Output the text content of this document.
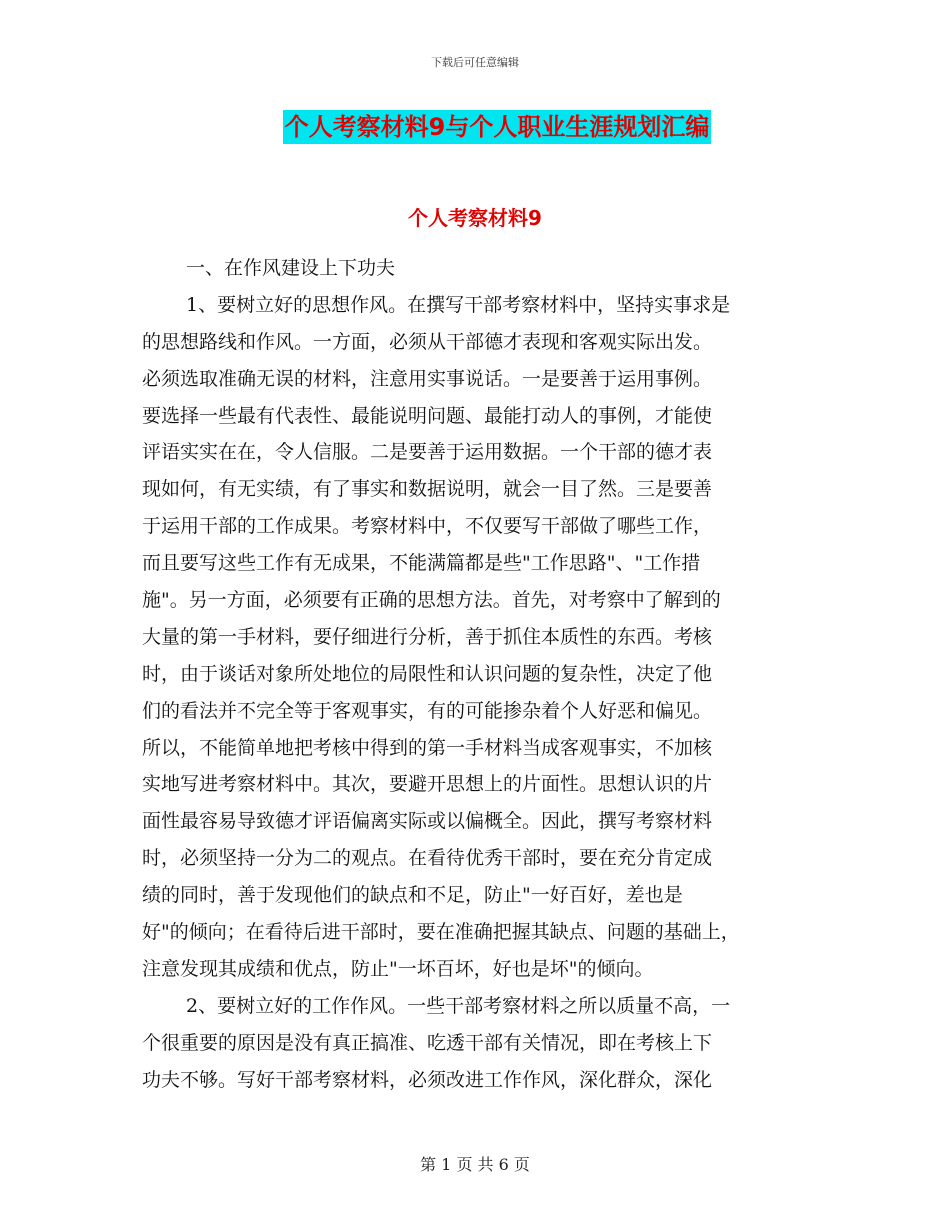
下载后可任意编辑
个人考察材料9与个人职业生涯规划汇编
个人考察材料9
一、在作风建设上下功夫
1、要树立好的思想作风。在撰写干部考察材料中，坚持实事求是
的思想路线和作风。一方面，必须从干部德才表现和客观实际出发。
必须选取准确无误的材料，注意用实事说话。一是要善于运用事例。
要选择一些最有代表性、最能说明问题、最能打动人的事例，才能使
评语实实在在，令人信服。二是要善于运用数据。一个干部的德才表
现如何，有无实绩，有了事实和数据说明，就会一目了然。三是要善
于运用干部的工作成果。考察材料中，不仅要写干部做了哪些工作，
而且要写这些工作有无成果，不能满篇都是些"工作思路"、"工作措
施"。另一方面，必须要有正确的思想方法。首先，对考察中了解到的
大量的第一手材料，要仔细进行分析，善于抓住本质性的东西。考核
时，由于谈话对象所处地位的局限性和认识问题的复杂性，决定了他
们的看法并不完全等于客观事实，有的可能掺杂着个人好恶和偏见。
所以，不能简单地把考核中得到的第一手材料当成客观事实，不加核
实地写进考察材料中。其次，要避开思想上的片面性。思想认识的片
面性最容易导致德才评语偏离实际或以偏概全。因此，撰写考察材料
时，必须坚持一分为二的观点。在看待优秀干部时，要在充分肯定成
绩的同时，善于发现他们的缺点和不足，防止"一好百好，差也是
好"的倾向；在看待后进干部时，要在准确把握其缺点、问题的基础上，
注意发现其成绩和优点，防止"一坏百坏，好也是坏"的倾向。
2、要树立好的工作作风。一些干部考察材料之所以质量不高，一
个很重要的原因是没有真正搞准、吃透干部有关情况，即在考核上下
功夫不够。写好干部考察材料，必须改进工作作风，深化群众，深化
第 1 页 共 6 页
